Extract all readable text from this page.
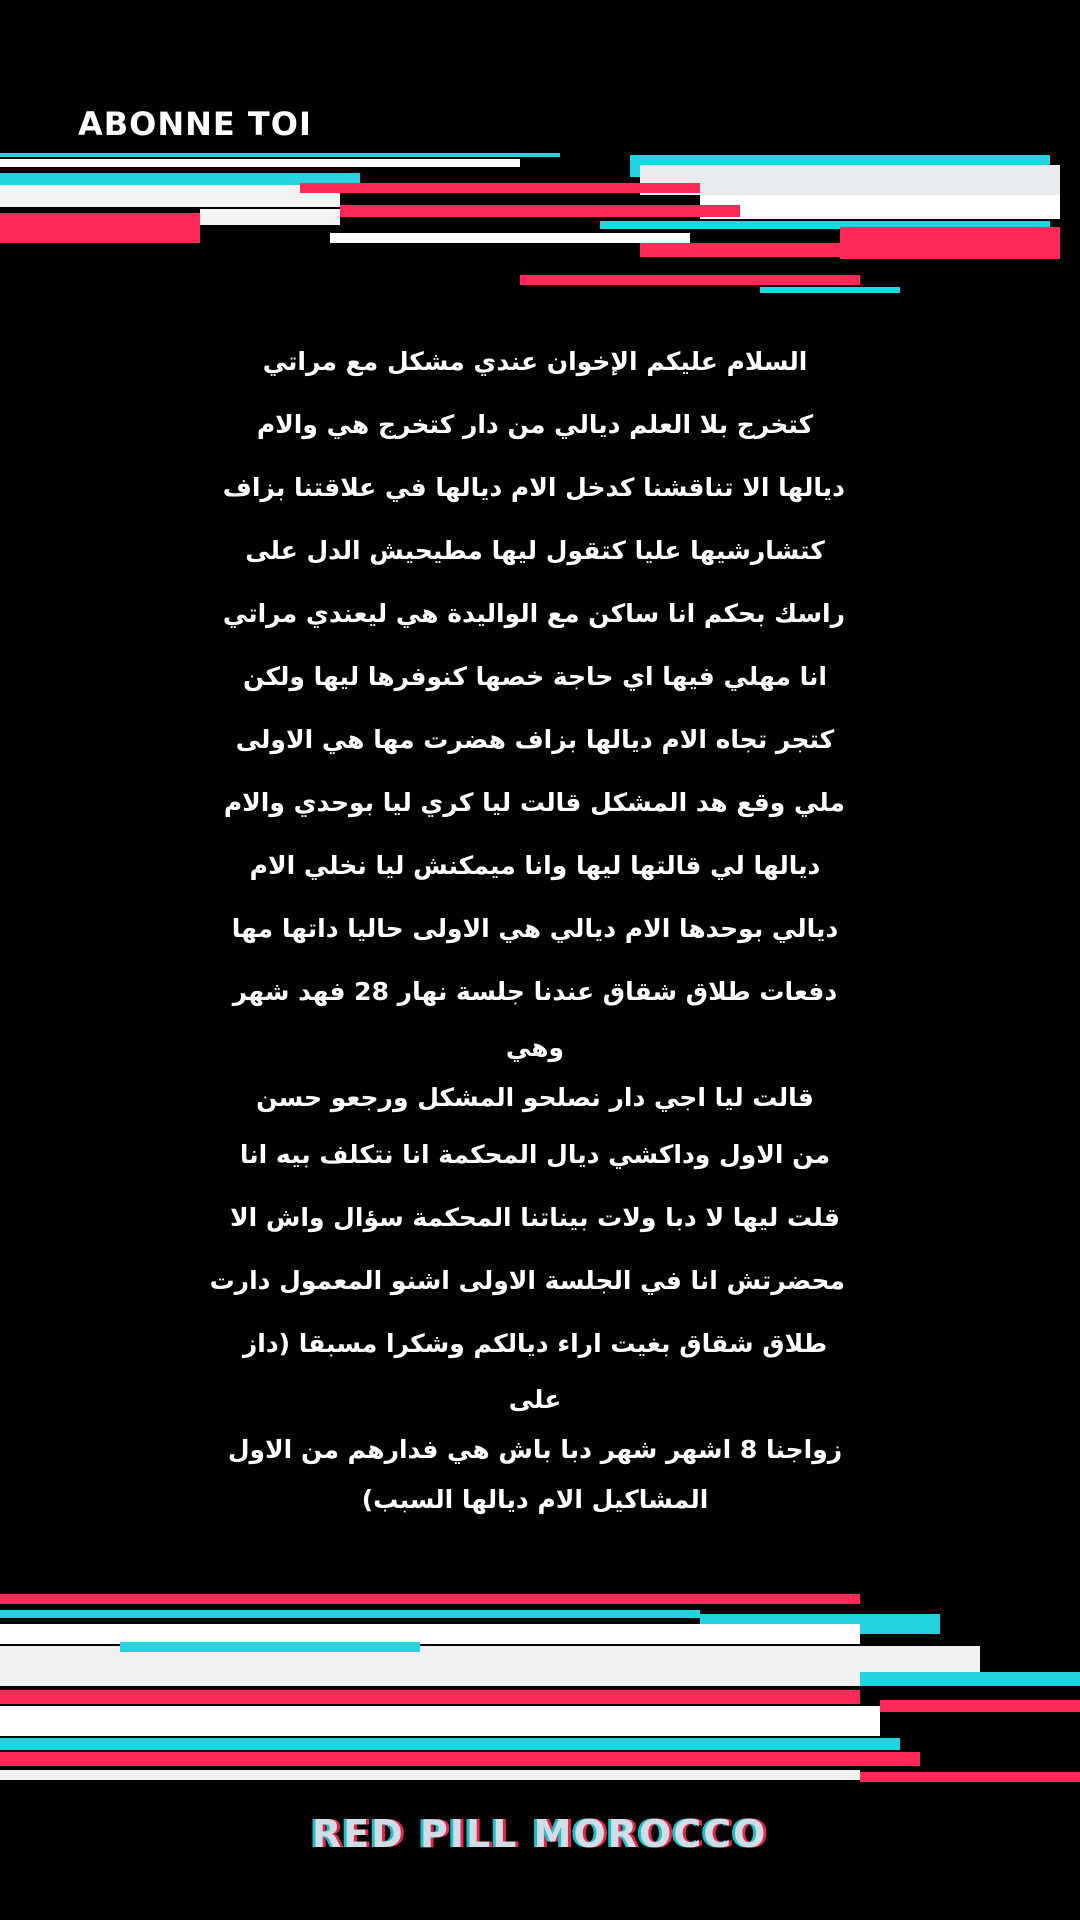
ABONNE TOI
السلام عليكم الإخوان عندي مشكل مع مراتي
كتخرج بلا العلم ديالي من دار كتخرج هي والام
ديالها الا تناقشنا كدخل الام ديالها في علاقتنا بزاف
كتشارشيها عليا كتقول ليها مطيحيش الدل على
راسك بحكم انا ساكن مع الواليدة هي ليعندي مراتي
انا مهلي فيها اي حاجة خصها كنوفرها ليها ولكن
كتجر تجاه الام ديالها بزاف هضرت مها هي الاولى
ملي وقع هد المشكل قالت ليا كري ليا بوحدي والام
ديالها لي قالتها ليها وانا ميمكنش ليا نخلي الام
ديالي بوحدها الام ديالي هي الاولى حاليا داتها مها
دفعات طلاق شقاق عندنا جلسة نهار 28 فهد شهر
وهي
قالت ليا اجي دار نصلحو المشكل ورجعو حسن
من الاول وداكشي ديال المحكمة انا نتكلف بيه انا
قلت ليها لا دبا ولات بيناتنا المحكمة سؤال واش الا
محضرتش انا في الجلسة الاولى اشنو المعمول دارت
طلاق شقاق بغيت اراء ديالكم وشكرا مسبقا (داز
على
زواجنا 8 اشهر شهر دبا باش هي فدارهم من الاول
المشاكيل الام ديالها السبب)
RED PILL MOROCCO
